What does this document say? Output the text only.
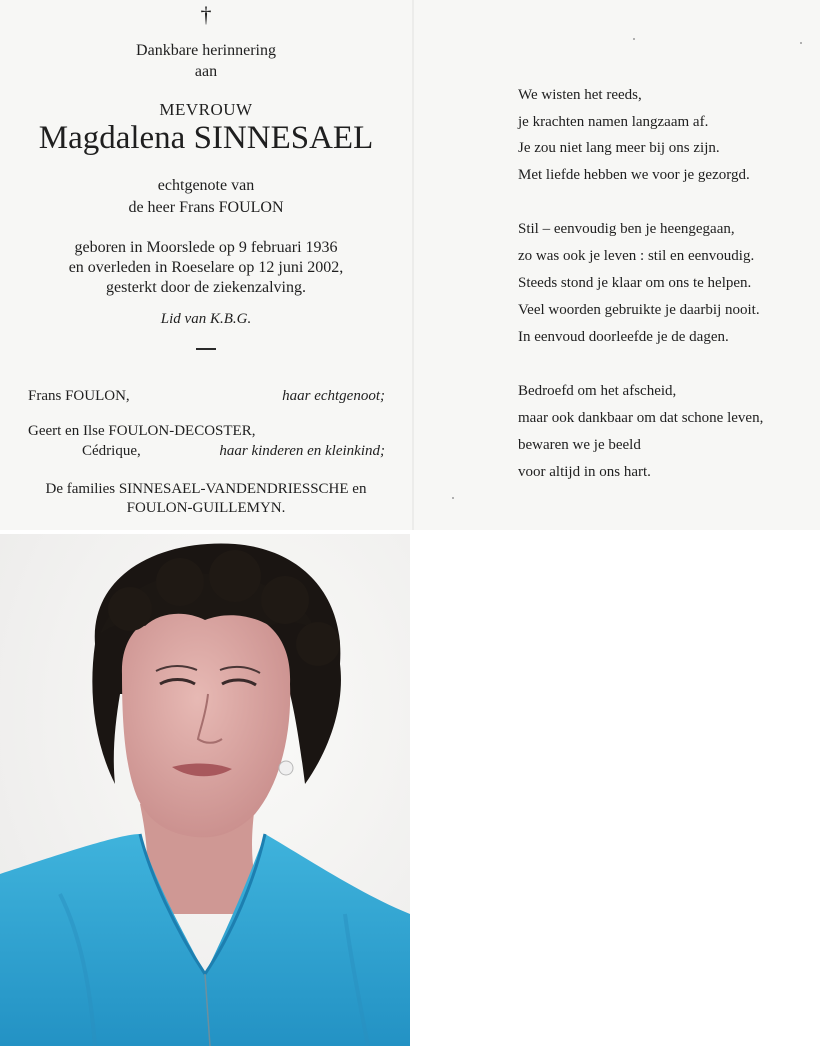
†
Dankbare herinnering
aan
MEVROUW
Magdalena SINNESAEL
echtgenote van
de heer Frans FOULON
geboren in Moorslede op 9 februari 1936
en overleden in Roeselare op 12 juni 2002,
gesterkt door de ziekenzalving.
Lid van K.B.G.
Frans FOULON,	haar echtgenoot;
Geert en Ilse FOULON-DECOSTER,
Cédrique,	haar kinderen en kleinkind;
De families SINNESAEL-VANDENDRIESSCHE en
FOULON-GUILLEMYN.
We wisten het reeds,
je krachten namen langzaam af.
Je zou niet lang meer bij ons zijn.
Met liefde hebben we voor je gezorgd.
Stil – eenvoudig ben je heengegaan,
zo was ook je leven : stil en eenvoudig.
Steeds stond je klaar om ons te helpen.
Veel woorden gebruikte je daarbij nooit.
In eenvoud doorleefde je de dagen.
Bedroefd om het afscheid,
maar ook dankbaar om dat schone leven,
bewaren we je beeld
voor altijd in ons hart.
